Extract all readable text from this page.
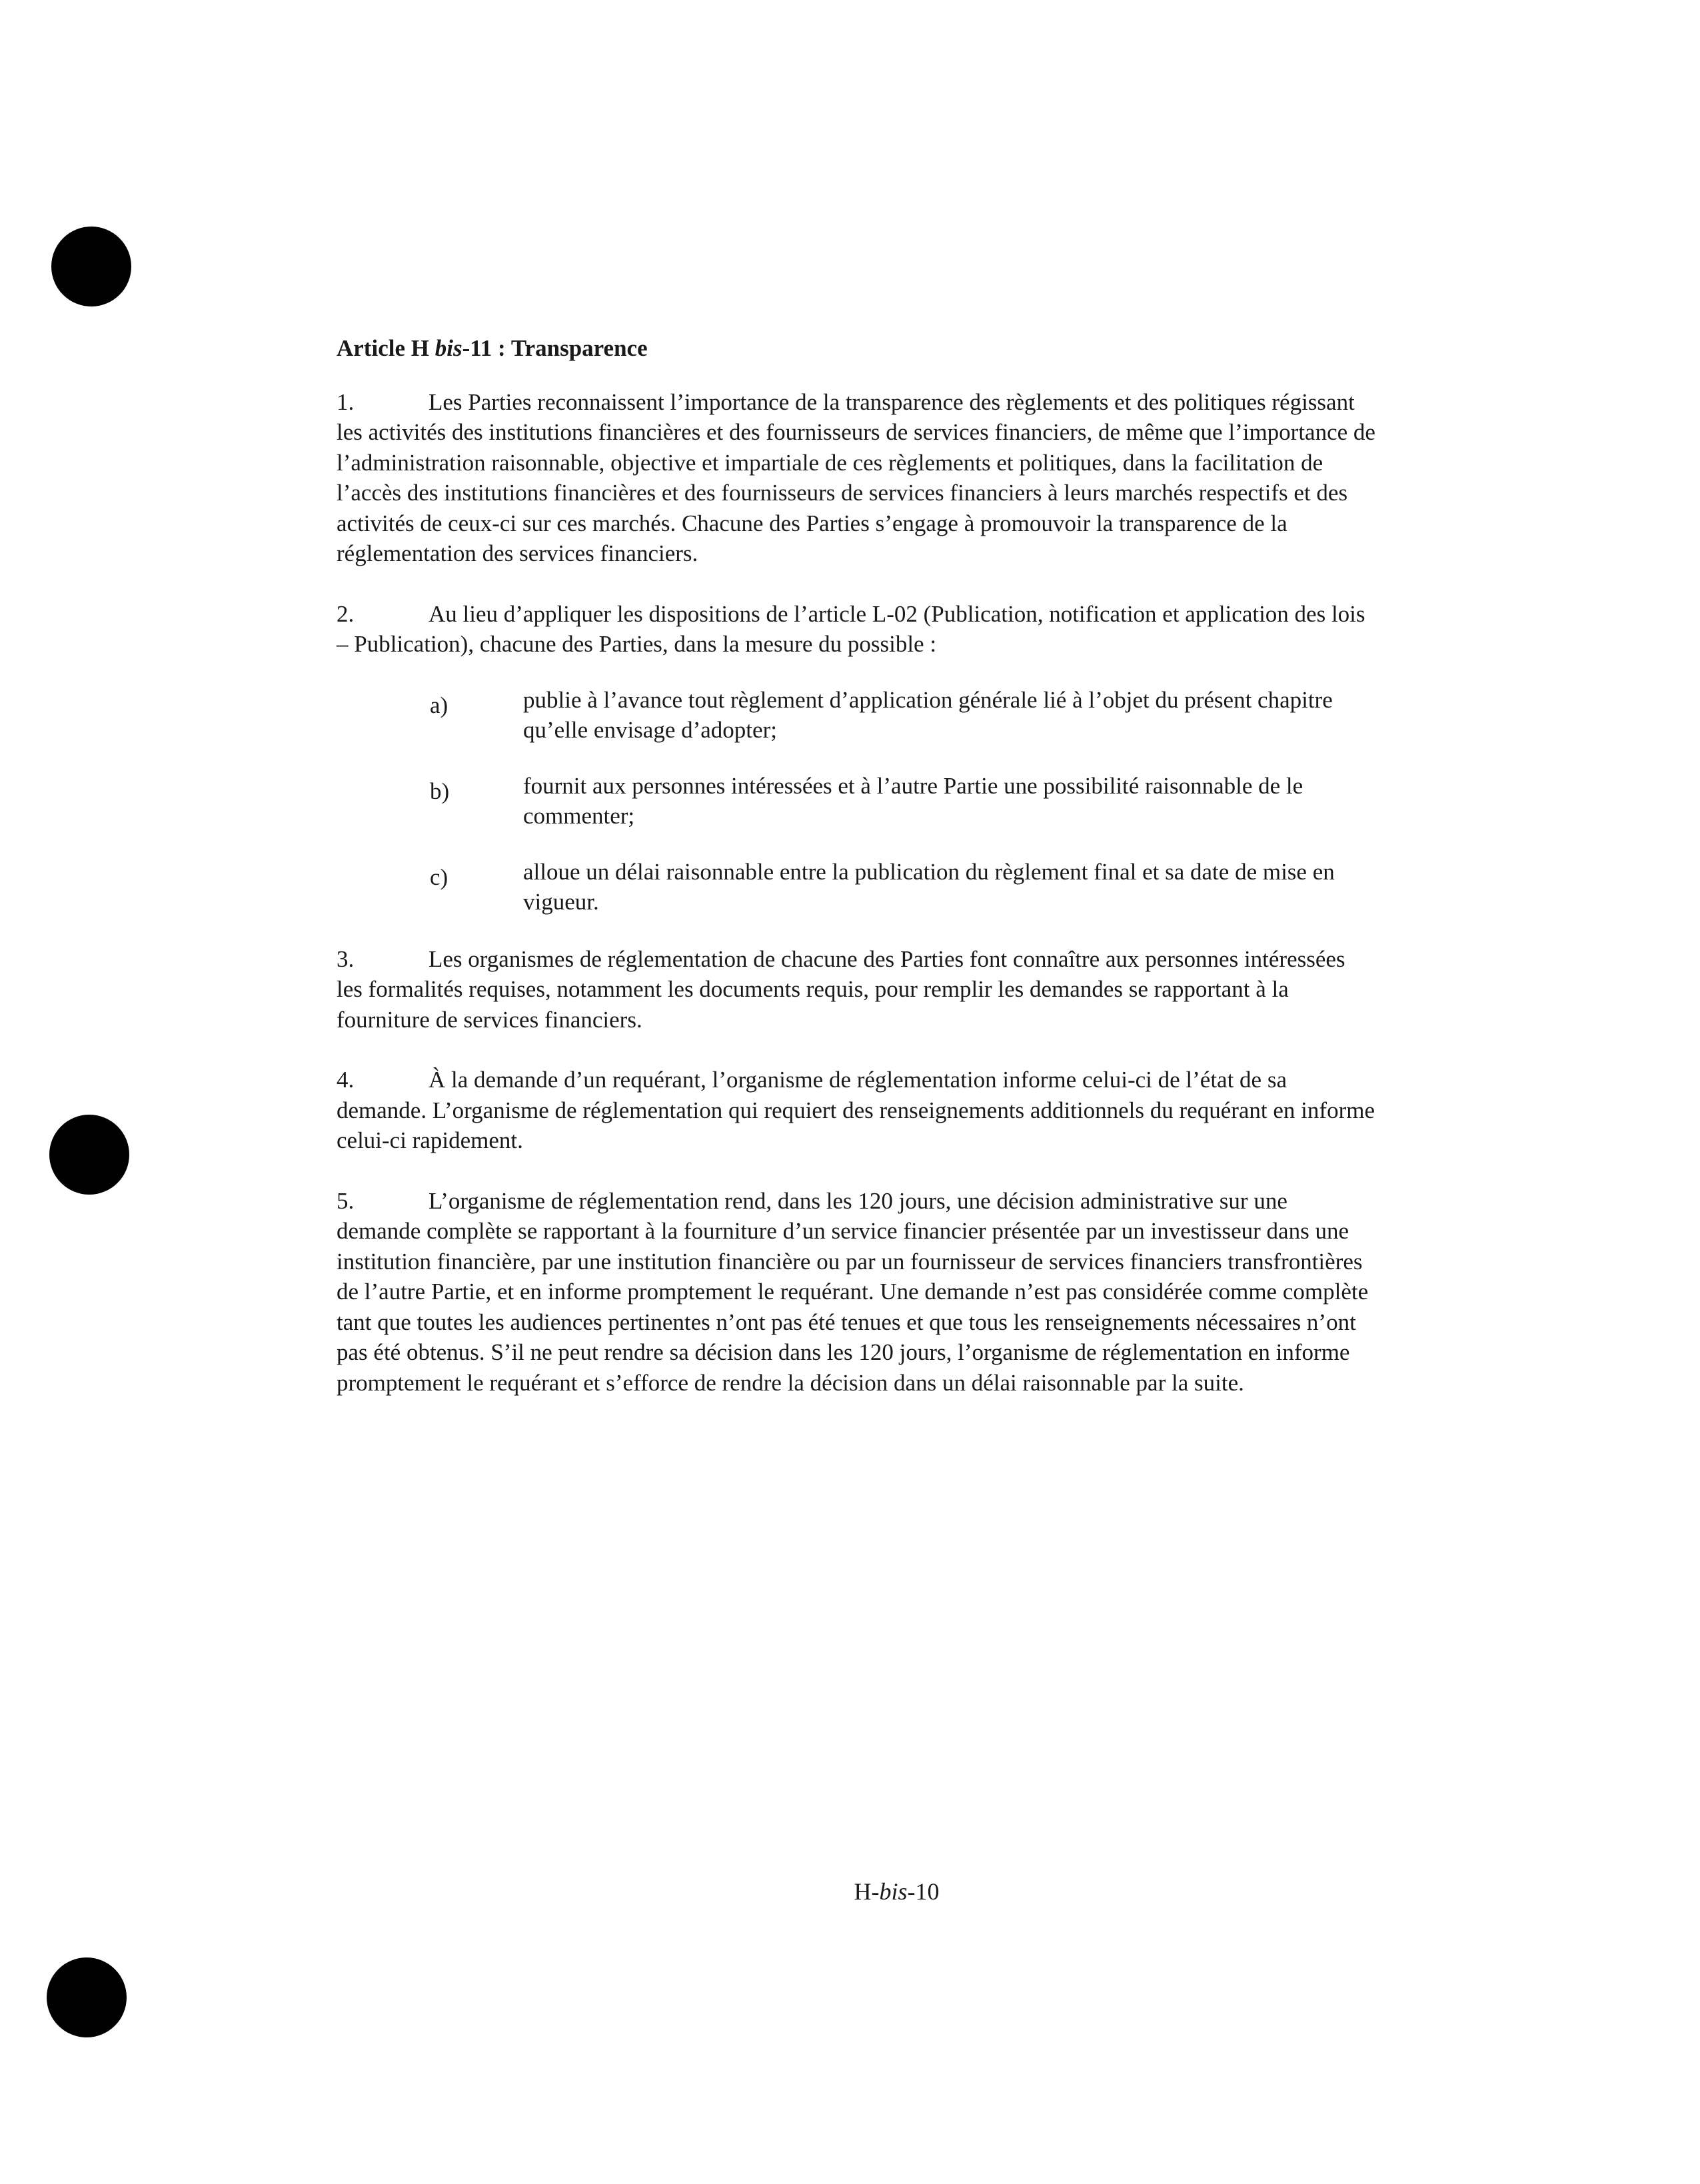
Article H bis-11 : Transparence

1.	Les Parties reconnaissent l’importance de la transparence des règlements et des politiques régissant les activités des institutions financières et des fournisseurs de services financiers, de même que l’importance de l’administration raisonnable, objective et impartiale de ces règlements et politiques, dans la facilitation de l’accès des institutions financières et des fournisseurs de services financiers à leurs marchés respectifs et des activités de ceux-ci sur ces marchés. Chacune des Parties s’engage à promouvoir la transparence de la réglementation des services financiers.

2.	Au lieu d’appliquer les dispositions de l’article L-02 (Publication, notification et application des lois – Publication), chacune des Parties, dans la mesure du possible :

a)	publie à l’avance tout règlement d’application générale lié à l’objet du présent chapitre qu’elle envisage d’adopter;
b)	fournit aux personnes intéressées et à l’autre Partie une possibilité raisonnable de le commenter;
c)	alloue un délai raisonnable entre la publication du règlement final et sa date de mise en vigueur.

3.	Les organismes de réglementation de chacune des Parties font connaître aux personnes intéressées les formalités requises, notamment les documents requis, pour remplir les demandes se rapportant à la fourniture de services financiers.

4.	À la demande d’un requérant, l’organisme de réglementation informe celui-ci de l’état de sa demande. L’organisme de réglementation qui requiert des renseignements additionnels du requérant en informe celui-ci rapidement.

5.	L’organisme de réglementation rend, dans les 120 jours, une décision administrative sur une demande complète se rapportant à la fourniture d’un service financier présentée par un investisseur dans une institution financière, par une institution financière ou par un fournisseur de services financiers transfrontières de l’autre Partie, et en informe promptement le requérant. Une demande n’est pas considérée comme complète tant que toutes les audiences pertinentes n’ont pas été tenues et que tous les renseignements nécessaires n’ont pas été obtenus. S’il ne peut rendre sa décision dans les 120 jours, l’organisme de réglementation en informe promptement le requérant et s’efforce de rendre la décision dans un délai raisonnable par la suite.

H-bis-10
